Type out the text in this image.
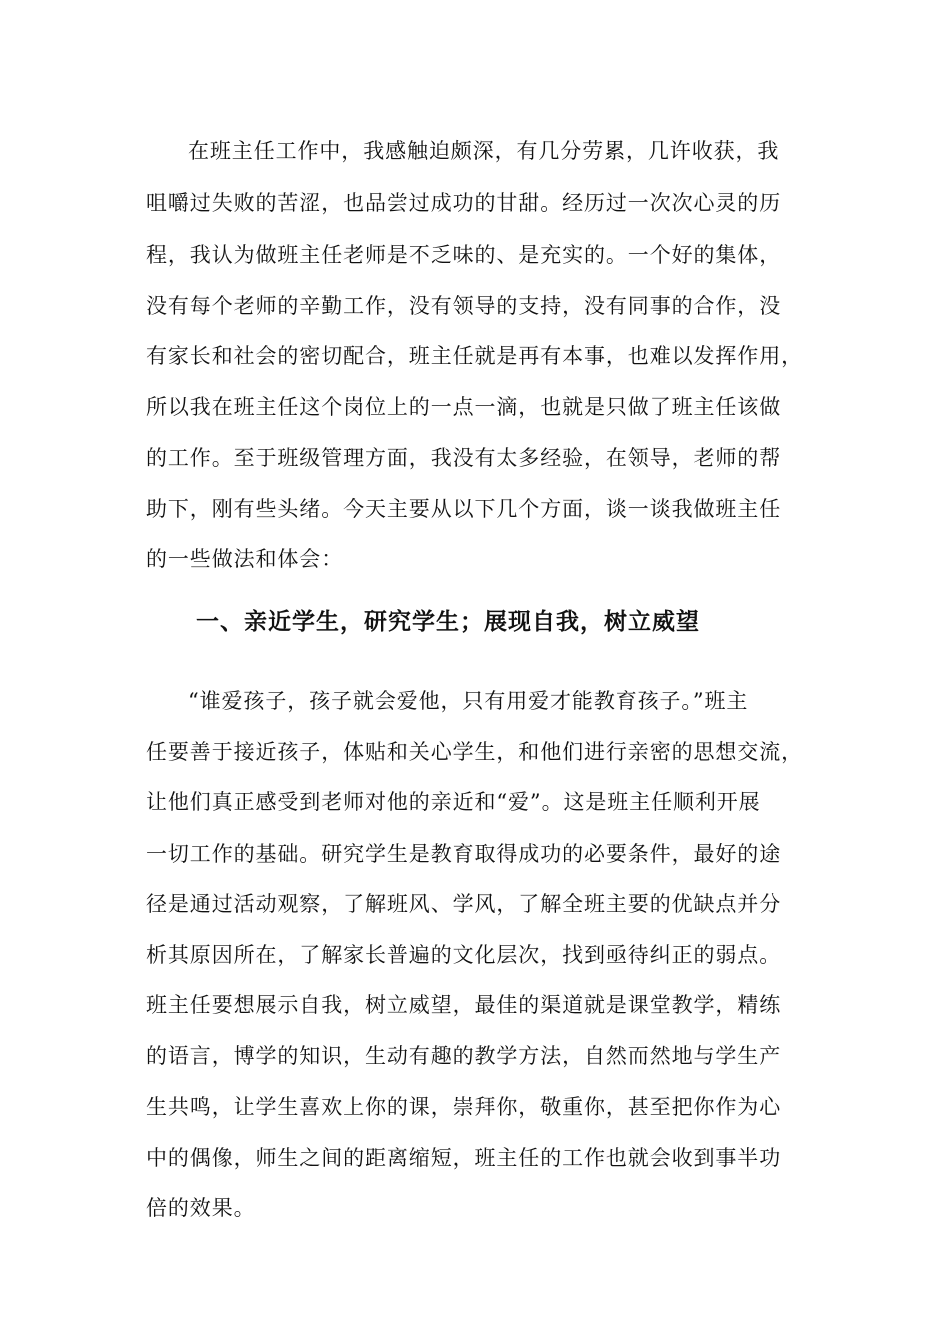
在班主任工作中，我感触迫颇深，有几分劳累，几许收获，我
咀嚼过失败的苦涩，也品尝过成功的甘甜。经历过一次次心灵的历
程，我认为做班主任老师是不乏味的、是充实的。一个好的集体，
没有每个老师的辛勤工作，没有领导的支持，没有同事的合作，没
有家长和社会的密切配合，班主任就是再有本事，也难以发挥作用，
所以我在班主任这个岗位上的一点一滴，也就是只做了班主任该做
的工作。至于班级管理方面，我没有太多经验，在领导，老师的帮
助下，刚有些头绪。今天主要从以下几个方面，谈一谈我做班主任
的一些做法和体会：
一、亲近学生，研究学生；展现自我，树立威望
“谁爱孩子，孩子就会爱他，只有用爱才能教育孩子。”班主
任要善于接近孩子，体贴和关心学生，和他们进行亲密的思想交流，
让他们真正感受到老师对他的亲近和“爱”。这是班主任顺利开展
一切工作的基础。研究学生是教育取得成功的必要条件，最好的途
径是通过活动观察，了解班风、学风，了解全班主要的优缺点并分
析其原因所在，了解家长普遍的文化层次，找到亟待纠正的弱点。
班主任要想展示自我，树立威望，最佳的渠道就是课堂教学，精练
的语言，博学的知识，生动有趣的教学方法，自然而然地与学生产
生共鸣，让学生喜欢上你的课，崇拜你，敬重你，甚至把你作为心
中的偶像，师生之间的距离缩短，班主任的工作也就会收到事半功
倍的效果。
